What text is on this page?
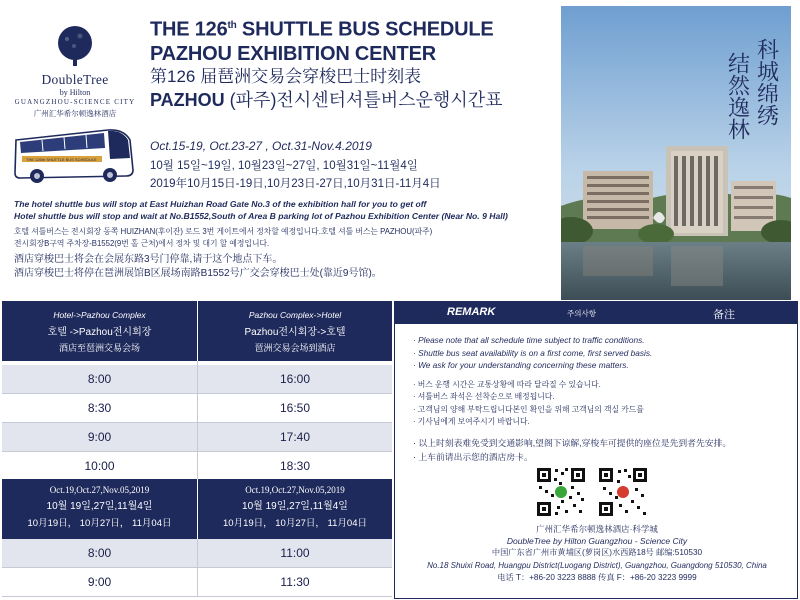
DoubleTree
by Hilton
GUANGZHOU-SCIENCE CITY
广州汇华希尔顿逸林酒店
THE 126th SHUTTLE BUS SCHEDULE
THE 126th SHUTTLE BUS SCHEDULE
PAZHOU EXHIBITION CENTER
第126 届琶洲交易会穿梭巴士时刻表
PAZHOU (파주)전시센터셔틀버스운행시간표
Oct.15-19, Oct.23-27 , Oct.31-Nov.4.2019
10월 15일~19일, 10월23일~27일, 10월31일~11월4일
2019年10月15日-19日,10月23日-27日,10月31日-11月4日
科城绵绣
结然逸林
The hotel shuttle bus will stop at East Huizhan Road Gate No.3 of the exhibition hall for you to get off
Hotel shuttle bus will stop and wait at No.B1552,South of Area B parking lot of Pazhou Exhibition Center (Near No. 9 Hall)
호텔 셔틀버스는 전시회장 동쪽 HUIZHAN(후이잔) 로드 3번 게이트에서 정차할 예정입니다.호텔 셔틀 버스는 PAZHOU(파주)
전시회장B구역 주차장-B1552(9번 홀 근처)에서 정차 및 대기 할 예정입니다.
酒店穿梭巴士将会在会展东路3号门停靠,请于这个地点下车。
酒店穿梭巴士将停在琶洲展馆B区展场南路B1552号广交会穿梭巴士处(靠近9号馆)。
Hotel->Pazhou Complex
호텔 ->Pazhou전시회장
酒店至琶洲交易会场
Pazhou Complex->Hotel
Pazhou전시회장->호텔
琶洲交易会场到酒店
8:00	16:00
8:30	16:50
9:00	17:40
10:00	18:30
Oct.19,Oct.27,Nov.05,2019
10월 19일,27일,11월4일
10月19日， 10月27日， 11月04日
Oct.19,Oct.27,Nov.05,2019
10월 19일,27일,11월4일
10月19日， 10月27日， 11月04日
8:00	11:00
9:00	11:30
REMARK	주의사항	备注
· Please note that all schedule time subject to traffic conditions.
· Shuttle bus seat availability is on a first come, first served basis.
· We ask for your understanding concerning these matters.
· 버스 운행 시간은 교통상황에 따라 달라질 수 있습니다.
· 셔틀버스 좌석은 선착순으로 배정됩니다.
· 고객님의 양해 부탁드립니다본인 확인을 위해 고객님의 객실 카드를
· 기사님에게 보여주시기 바랍니다.
· 以上时刻表难免受到交通影响,望阁下谅解,穿梭车可提供的座位是先到者先安排。
· 上车前请出示您的酒店房卡。
广州汇华希尔顿逸林酒店·科学城
DoubleTree by Hilton Guangzhou - Science City
中国广东省广州市黄埔区(萝岗区)水西路18号 邮编:510530
No.18 Shuixi Road, Huangpu District(Luogang District), Guangzhou, Guangdong 510530, China
电话 T：+86-20 3223 8888 传真 F：+86-20 3223 9999
